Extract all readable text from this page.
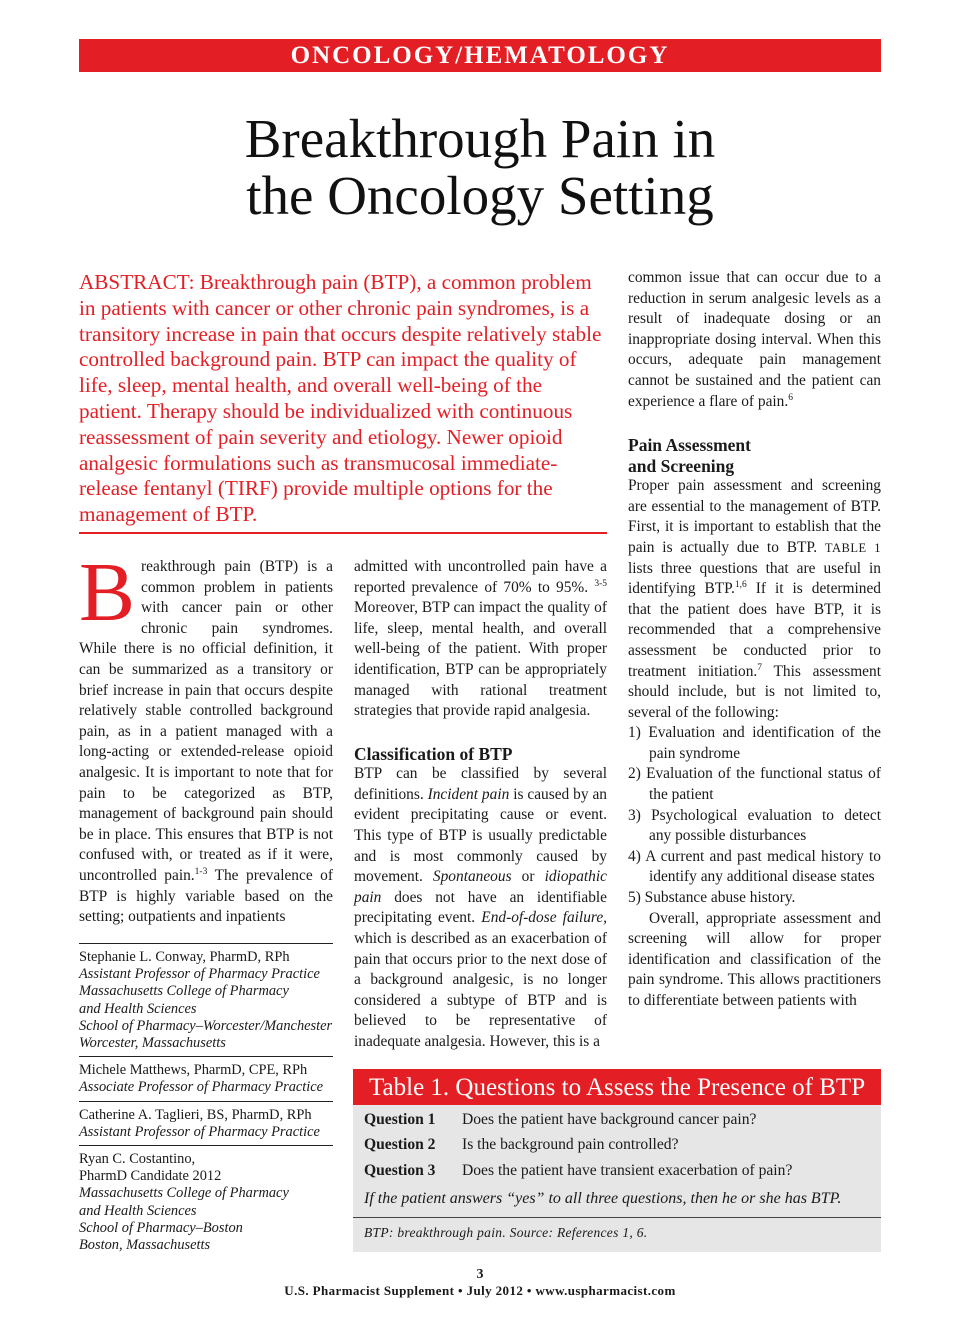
ONCOLOGY/HEMATOLOGY
Breakthrough Pain in
the Oncology Setting
ABSTRACT: Breakthrough pain (BTP), a common problem in patients with cancer or other chronic pain syndromes, is a transitory increase in pain that occurs despite relatively stable controlled background pain. BTP can impact the quality of life, sleep, mental health, and overall well-being of the patient. Therapy should be individualized with continuous reassessment of pain severity and etiology. Newer opioid analgesic formulations such as transmucosal immediate-release fentanyl (TIRF) provide multiple options for the management of BTP.

Breakthrough pain (BTP) is a common problem in patients with cancer pain or other chronic pain syndromes. While there is no official definition, it can be summarized as a transitory or brief increase in pain that occurs despite relatively stable controlled background pain, as in a patient managed with a long-acting or extended-release opioid analgesic. It is important to note that for pain to be categorized as BTP, management of background pain should be in place. This ensures that BTP is not confused with, or treated as if it were, uncontrolled pain.$^{1-3}$ The prevalence of BTP is highly variable based on the setting; outpatients and inpatients

admitted with uncontrolled pain have a reported prevalence of 70% to 95%. $^{3-5}$ Moreover, BTP can impact the quality of life, sleep, mental health, and overall well-being of the patient. With proper identification, BTP can be appropriately managed with rational treatment strategies that provide rapid analgesia.

Classification of BTP

BTP can be classified by several definitions. Incident pain is caused by an evident precipitating cause or event. This type of BTP is usually predictable and is most commonly caused by movement. Spontaneous or idiopathic pain does not have an identifiable precipitating event. End-of-dose failure, which is described as an exacerbation of pain that occurs prior to the next dose of a background analgesic, is no longer considered a subtype of BTP and is believed to be representative of inadequate analgesia. However, this is a

common issue that can occur due to a reduction in serum analgesic levels as a result of inadequate dosing or an inappropriate dosing interval. When this occurs, adequate pain management cannot be sustained and the patient can experience a flare of pain.$^6$

Pain Assessment
and Screening

Proper pain assessment and screening are essential to the management of BTP. First, it is important to establish that the pain is actually due to BTP. TABLE 1 lists three questions that are useful in identifying BTP.$^{1,6}$ If it is determined that the patient does have BTP, it is recommended that a comprehensive assessment be conducted prior to treatment initiation.$^7$ This assessment should include, but is not limited to, several of the following:

1) Evaluation and identification of the pain syndrome
2) Evaluation of the functional status of the patient
3) Psychological evaluation to detect any possible disturbances
4) A current and past medical history to identify any additional disease states
5) Substance abuse history.

Overall, appropriate assessment and screening will allow for proper identification and classification of the pain syndrome. This allows practitioners to differentiate between patients with

Stephanie L. Conway, PharmD, RPh
Assistant Professor of Pharmacy Practice
Massachusetts College of Pharmacy
and Health Sciences
School of Pharmacy–Worcester/Manchester
Worcester, Massachusetts
Michele Matthews, PharmD, CPE, RPh
Associate Professor of Pharmacy Practice
Catherine A. Taglieri, BS, PharmD, RPh
Assistant Professor of Pharmacy Practice
Ryan C. Costantino,
PharmD Candidate 2012
Massachusetts College of Pharmacy
and Health Sciences
School of Pharmacy–Boston
Boston, Massachusetts
Table 1. Questions to Assess the Presence of BTP
Question 1 Does the patient have background cancer pain?
Question 2 Is the background pain controlled?
Question 3 Does the patient have transient exacerbation of pain?
If the patient answers “yes” to all three questions, then he or she has BTP.
BTP: breakthrough pain. Source: References 1, 6.
3
U.S. Pharmacist Supplement • July 2012 • www.uspharmacist.com
